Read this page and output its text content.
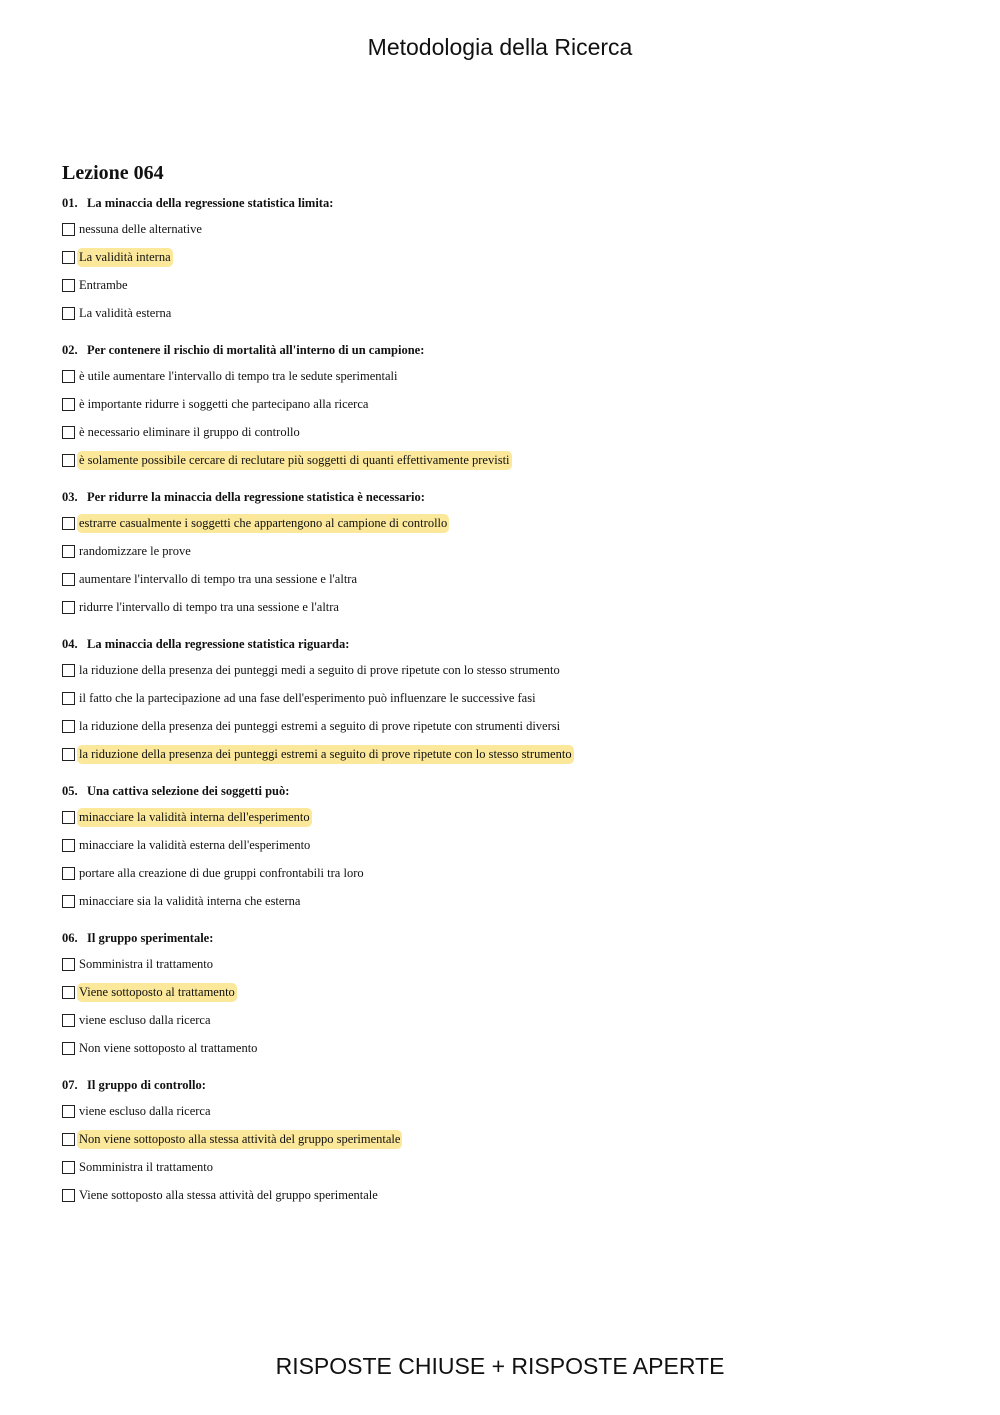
Metodologia della Ricerca
Lezione 064
01. La minaccia della regressione statistica limita:
nessuna delle alternative
La validità interna
Entrambe
La validità esterna
02. Per contenere il rischio di mortalità all'interno di un campione:
è utile aumentare l'intervallo di tempo tra le sedute sperimentali
è importante ridurre i soggetti che partecipano alla ricerca
è necessario eliminare il gruppo di controllo
è solamente possibile cercare di reclutare più soggetti di quanti effettivamente previsti
03. Per ridurre la minaccia della regressione statistica è necessario:
estrarre casualmente i soggetti che appartengono al campione di controllo
randomizzare le prove
aumentare l'intervallo di tempo tra una sessione e l'altra
ridurre l'intervallo di tempo tra una sessione e l'altra
04. La minaccia della regressione statistica riguarda:
la riduzione della presenza dei punteggi medi a seguito di prove ripetute con lo stesso strumento
il fatto che la partecipazione ad una fase dell'esperimento può influenzare le successive fasi
la riduzione della presenza dei punteggi estremi a seguito di prove ripetute con strumenti diversi
la riduzione della presenza dei punteggi estremi a seguito di prove ripetute con lo stesso strumento
05. Una cattiva selezione dei soggetti può:
minacciare la validità interna dell'esperimento
minacciare la validità esterna dell'esperimento
portare alla creazione di due gruppi confrontabili tra loro
minacciare sia la validità interna che esterna
06. Il gruppo sperimentale:
Somministra il trattamento
Viene sottoposto al trattamento
viene escluso dalla ricerca
Non viene sottoposto al trattamento
07. Il gruppo di controllo:
viene escluso dalla ricerca
Non viene sottoposto alla stessa attività del gruppo sperimentale
Somministra il trattamento
Viene sottoposto alla stessa attività del gruppo sperimentale
RISPOSTE CHIUSE + RISPOSTE APERTE
